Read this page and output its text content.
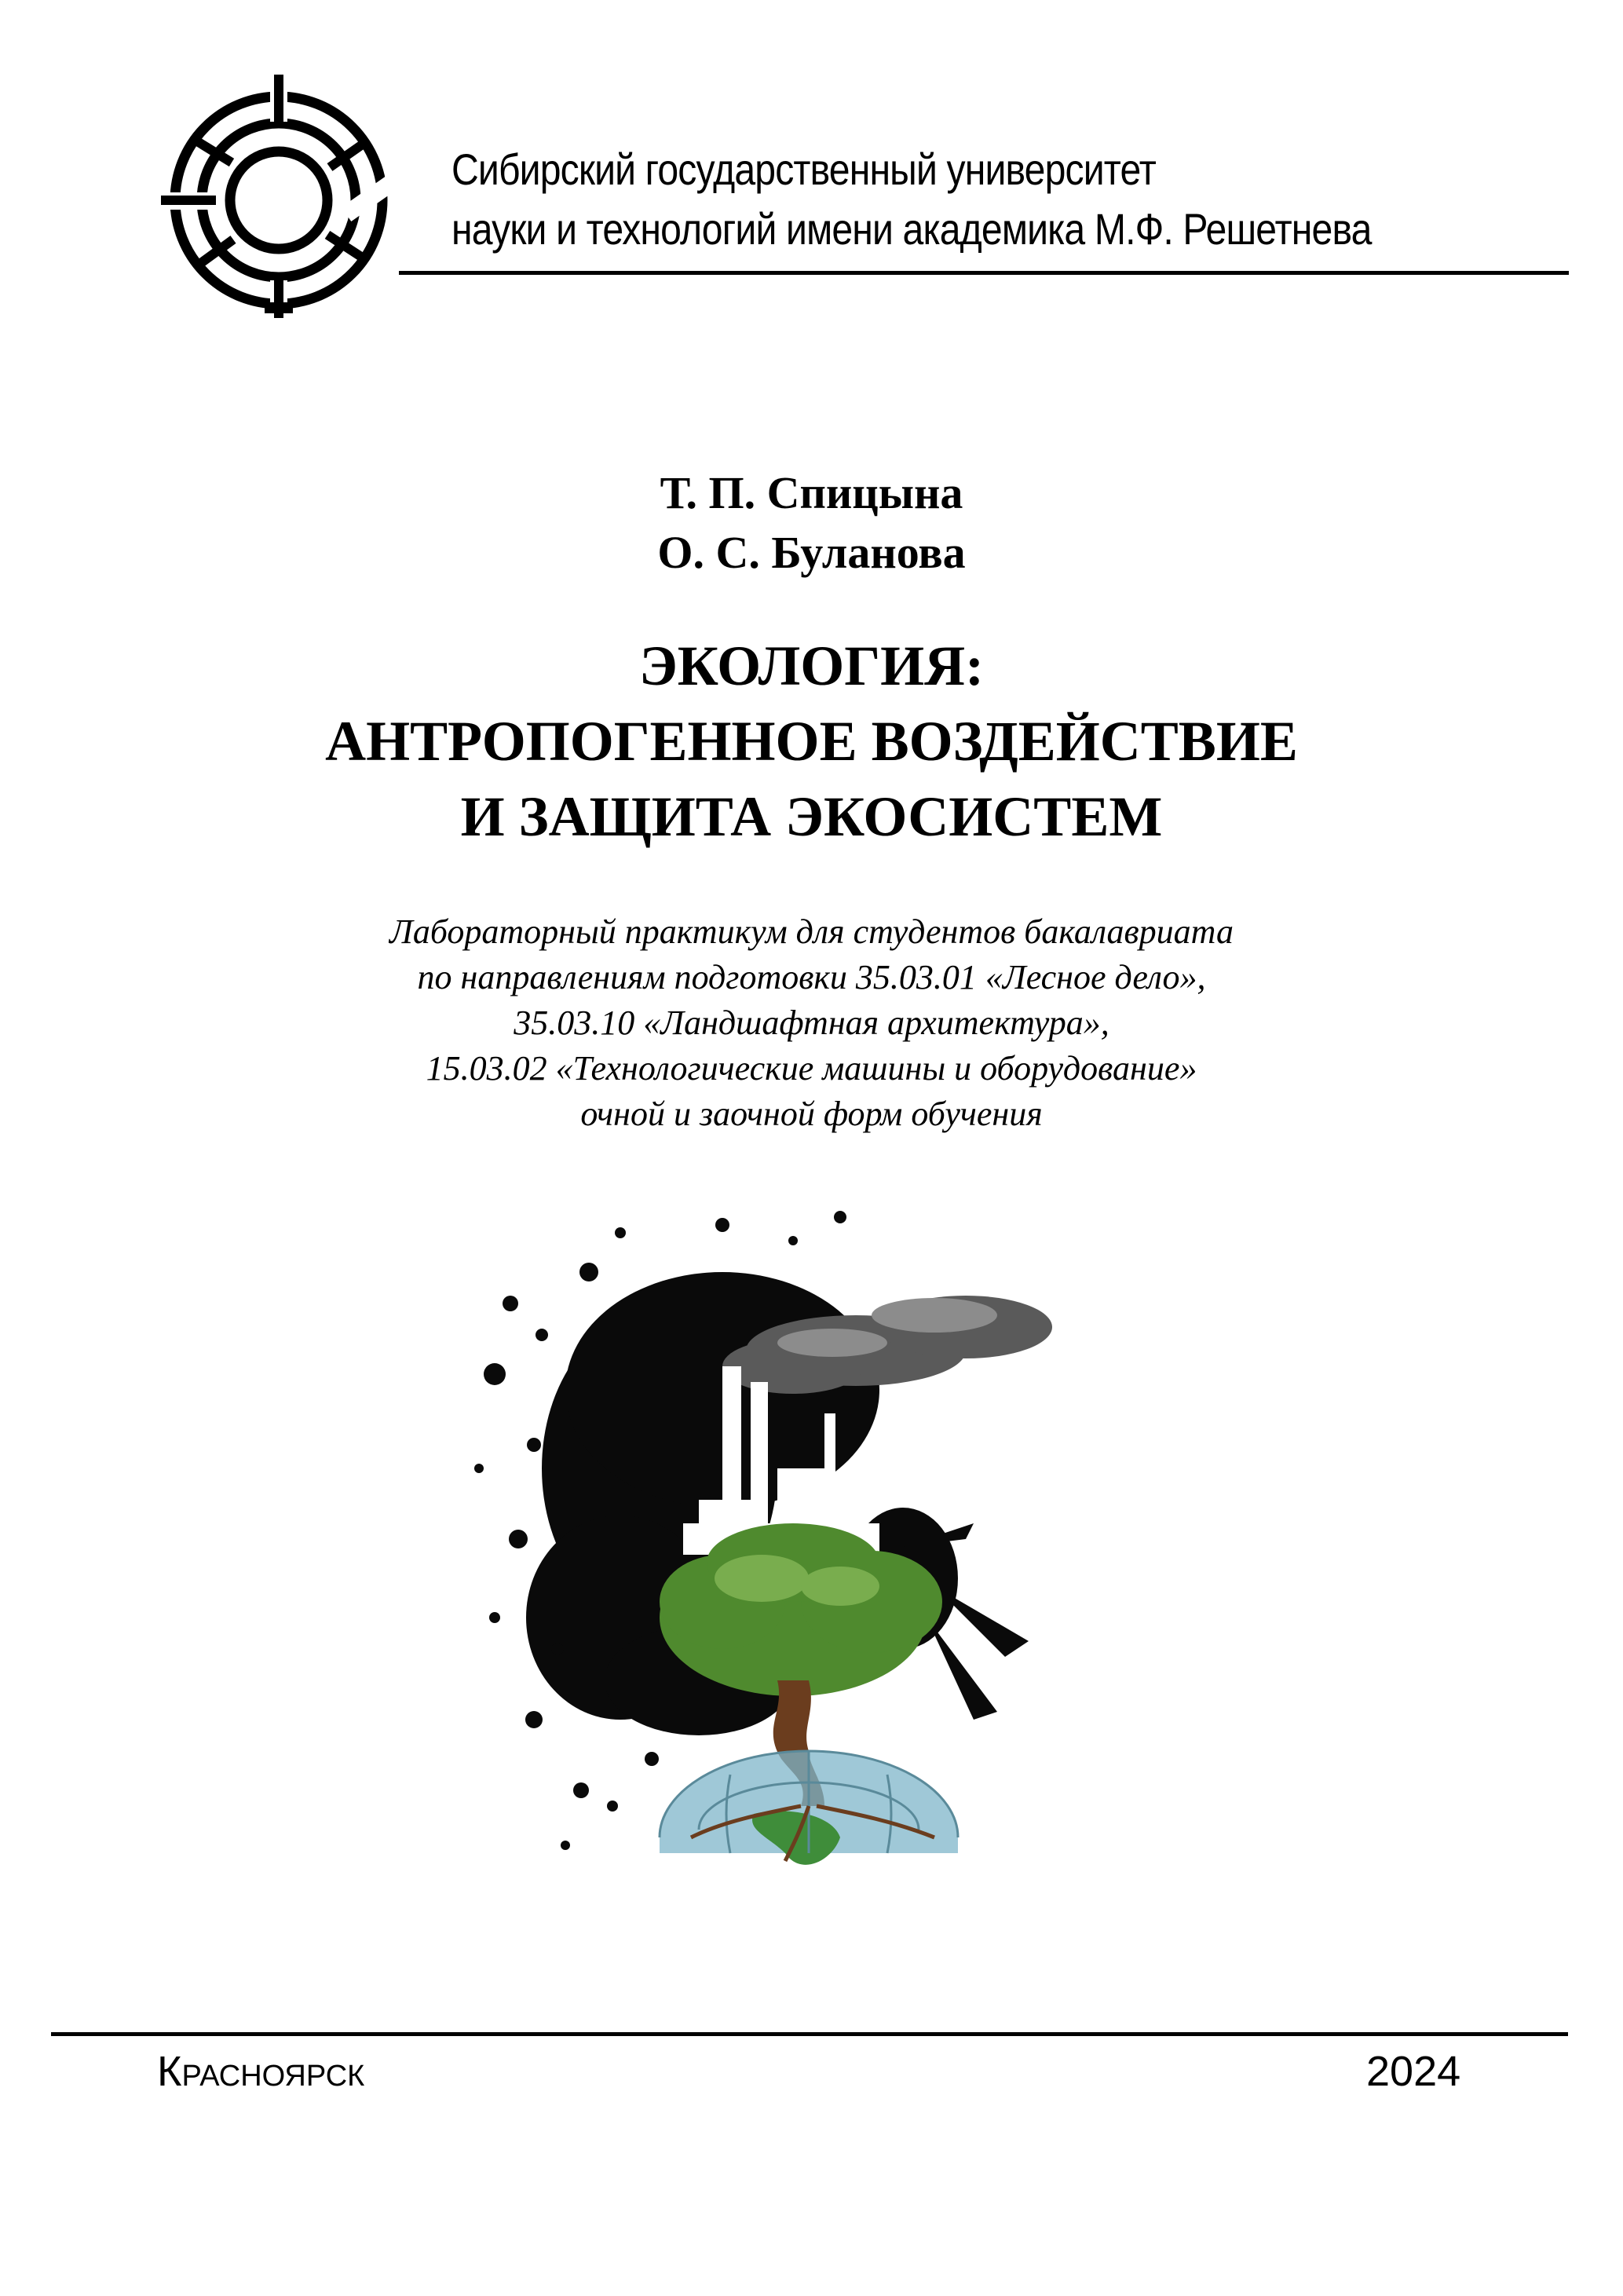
Сибирский государственный университет
науки и технологий имени академика М.Ф. Решетнева
Т. П. Спицына
О. С. Буланова
ЭКОЛОГИЯ:
АНТРОПОГЕННОЕ ВОЗДЕЙСТВИЕ
И ЗАЩИТА ЭКОСИСТЕМ
Лабораторный практикум для студентов бакалавриата
по направлениям подготовки 35.03.01 «Лесное дело»,
35.03.10 «Ландшафтная архитектура»,
15.03.02 «Технологические машины и оборудование»
очной и заочной форм обучения
Красноярск	2024
